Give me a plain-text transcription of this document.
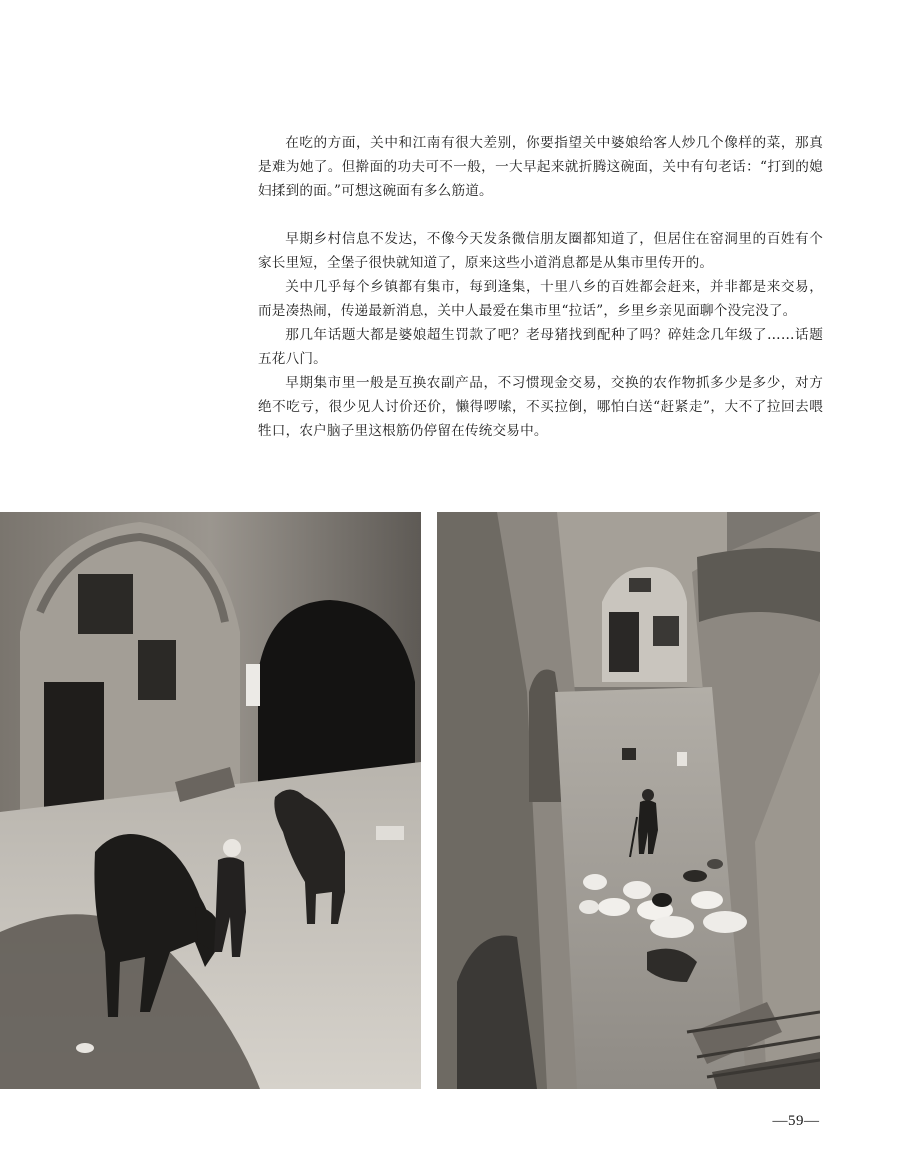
在吃的方面，关中和江南有很大差别，你要指望关中婆娘给客人炒几个像样的菜，那真是难为她了。但擀面的功夫可不一般，一大早起来就折腾这碗面，关中有句老话：“打到的媳妇揉到的面。”可想这碗面有多么筋道。

早期乡村信息不发达，不像今天发条微信朋友圈都知道了，但居住在窑洞里的百姓有个家长里短，全堡子很快就知道了，原来这些小道消息都是从集市里传开的。

关中几乎每个乡镇都有集市，每到逢集，十里八乡的百姓都会赶来，并非都是来交易，而是凑热闹，传递最新消息，关中人最爱在集市里“拉话”，乡里乡亲见面聊个没完没了。

那几年话题大都是婆娘超生罚款了吧？老母猪找到配种了吗？碎娃念几年级了……话题五花八门。

早期集市里一般是互换农副产品，不习惯现金交易，交换的农作物抓多少是多少，对方绝不吃亏，很少见人讨价还价，懒得啰嗦，不买拉倒，哪怕白送“赶紧走”，大不了拉回去喂牲口，农户脑子里这根筋仍停留在传统交易中。

—59—
